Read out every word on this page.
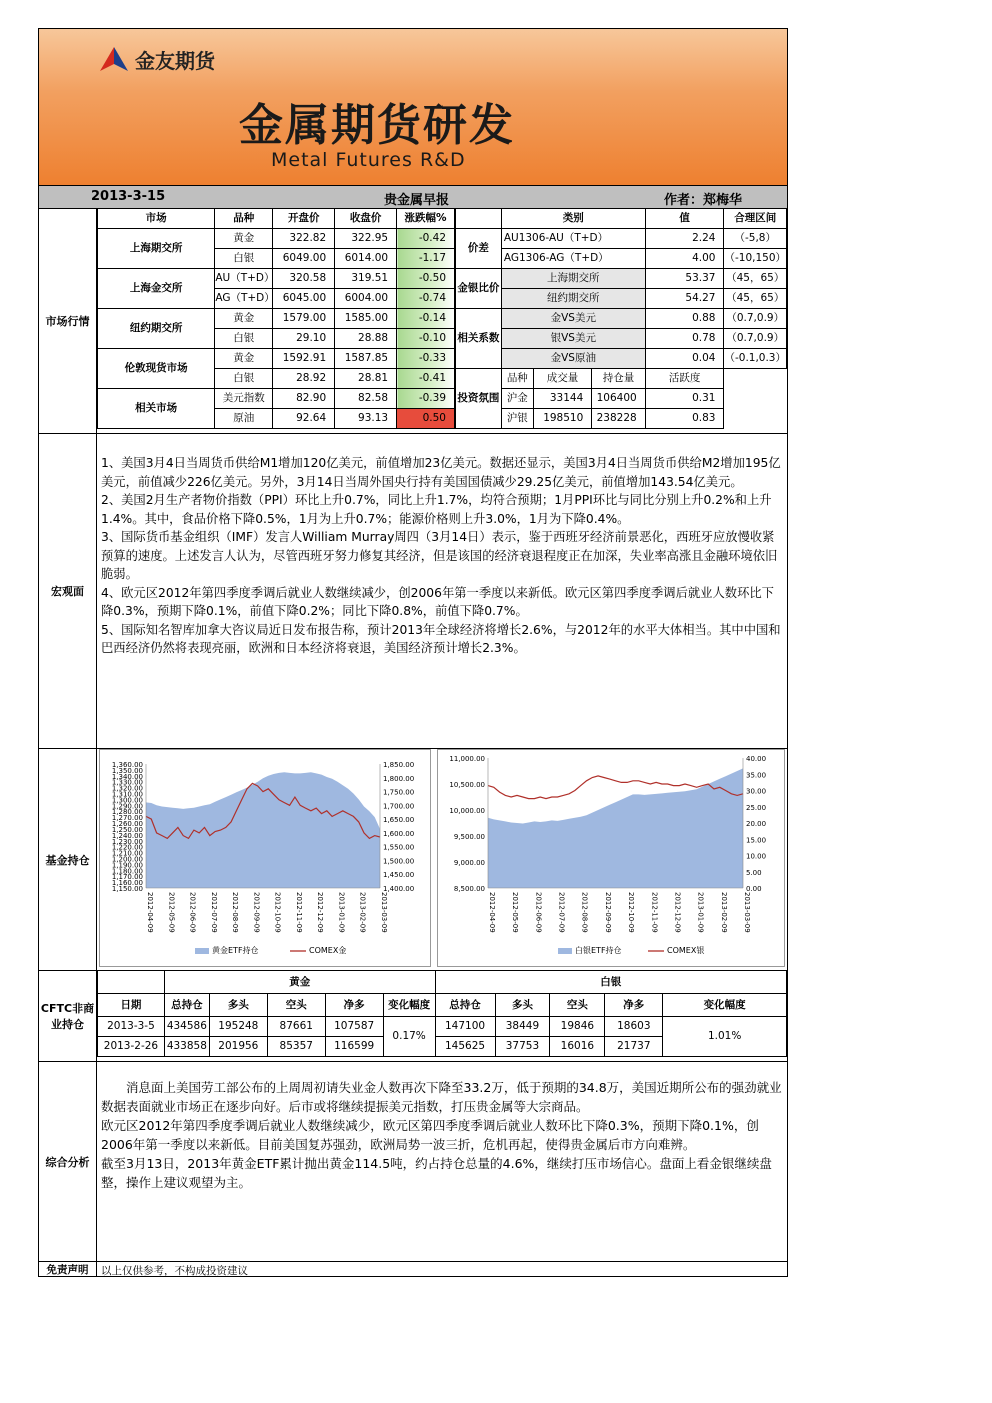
金友期货
金属期货研发
Metal Futures R&D
2013-3-15	贵金属早报	作者：郑梅华
市场行情
市场	品种	开盘价	收盘价	涨跌幅%
上海期交所	黄金	322.82	322.95	-0.42
	白银	6049.00	6014.00	-1.17
上海金交所	AU（T+D）	320.58	319.51	-0.50
	AG（T+D）	6045.00	6004.00	-0.74
纽约期交所	黄金	1579.00	1585.00	-0.14
	白银	29.10	28.88	-0.10
伦敦现货市场	黄金	1592.91	1587.85	-0.33
	白银	28.92	28.81	-0.41
相关市场	美元指数	82.90	82.58	-0.39
	原油	92.64	93.13	0.50
	类别			值	合理区间
价差	AU1306-AU（T+D）			2.24	（-5,8）
	AG1306-AG（T+D）			4.00	（-10,150）
金银比价	上海期交所			53.37	（45，65）
	纽约期交所			54.27	（45，65）
相关系数	金VS美元			0.88	（0.7,0.9）
	银VS美元			0.78	（0.7,0.9）
	金VS原油			0.04	（-0.1,0.3）
投资氛围	品种	成交量	持仓量	活跃度	
	沪金	33144	106400	0.31	
	沪银	198510	238228	0.83	
宏观面

1、美国3月4日当周货币供给M1增加120亿美元，前值增加23亿美元。数据还显示，美国3月4日当周货币供给M2增加195亿美元，前值减少226亿美元。另外，3月14日当周外国央行持有美国国债减少29.25亿美元，前值增加143.54亿美元。

2、美国2月生产者物价指数（PPI）环比上升0.7%，同比上升1.7%，均符合预期；1月PPI环比与同比分别上升0.2%和上升1.4%。其中，食品价格下降0.5%，1月为上升0.7%；能源价格则上升3.0%，1月为下降0.4%。

3、国际货币基金组织（IMF）发言人William Murray周四（3月14日）表示，鉴于西班牙经济前景恶化，西班牙应放慢收紧预算的速度。上述发言人认为，尽管西班牙努力修复其经济，但是该国的经济衰退程度正在加深，失业率高涨且金融环境依旧脆弱。

4、欧元区2012年第四季度季调后就业人数继续减少，创2006年第一季度以来新低。欧元区第四季度季调后就业人数环比下降0.3%，预期下降0.1%，前值下降0.2%；同比下降0.8%，前值下降0.7%。

5、国际知名智库加拿大咨议局近日发布报告称，预计2013年全球经济将增长2.6%，与2012年的水平大体相当。其中中国和巴西经济仍然将表现亮丽，欧洲和日本经济将衰退，美国经济预计增长2.3%。

基金持仓
1,360.00
1,350.00
1,340.00
1,330.00
1,320.00
1,310.00
1,300.00
1,290.00
1,280.00
1,270.00
1,260.00
1,250.00
1,240.00
1,230.00
1,220.00
1,210.00
1,200.00
1,190.00
1,180.00
1,170.00
1,160.00
1,150.00
1,850.00
1,800.00
1,750.00
1,700.00
1,650.00
1,600.00
1,550.00
1,500.00
1,450.00
1,400.00
2012-04-09 2012-05-09 2012-06-09 2012-07-09 2012-08-09 2012-09-09 2012-10-09 2012-11-09 2012-12-09 2013-01-09 2013-02-09 2013-03-09
黄金ETF持仓	COMEX金
11,000.00
10,500.00
10,000.00
9,500.00
9,000.00
8,500.00
40.00
35.00
30.00
25.00
20.00
15.00
10.00
5.00
0.00
2012-04-09 2012-05-09 2012-06-09 2012-07-09 2012-08-09 2012-09-09 2012-10-09 2012-11-09 2012-12-09 2013-01-09 2013-02-09 2013-03-09
白银ETF持仓	COMEX银
CFTC非商业持仓
	黄金					白银				
日期	总持仓	多头	空头	净多	变化幅度	总持仓	多头	空头	净多	变化幅度
2013-3-5	434586	195248	87661	107587	0.17%	147100	38449	19846	18603	1.01%
2013-2-26	433858	201956	85357	116599		145625	37753	16016	21737	
综合分析

　　消息面上美国劳工部公布的上周周初请失业金人数再次下降至33.2万，低于预期的34.8万，美国近期所公布的强劲就业数据表面就业市场正在逐步向好。后市或将继续提振美元指数，打压贵金属等大宗商品。

欧元区2012年第四季度季调后就业人数继续减少，欧元区第四季度季调后就业人数环比下降0.3%，预期下降0.1%，创2006年第一季度以来新低。目前美国复苏强劲，欧洲局势一波三折，危机再起，使得贵金属后市方向难辨。

截至3月13日，2013年黄金ETF累计抛出黄金114.5吨，约占持仓总量的4.6%，继续打压市场信心。盘面上看金银继续盘整，操作上建议观望为主。

免责声明	以上仅供参考，不构成投资建议
